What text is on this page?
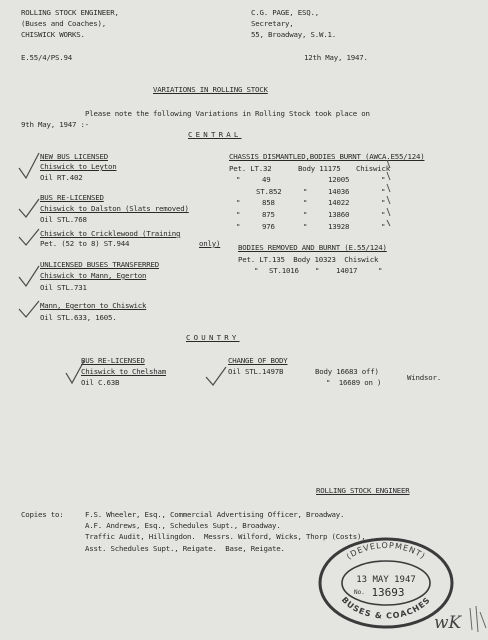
ROLLING STOCK ENGINEER,
(Buses and Coaches),
CHISWICK WORKS.
C.G. PAGE, ESQ.,
Secretary,
55, Broadway, S.W.1.
E.55/4/PS.94	12th May, 1947.
VARIATIONS IN ROLLING STOCK
Please note the following Variations in Rolling Stock took place on
9th May, 1947 :-
CENTRAL
NEW BUS LICENSED
Chiswick to Leyton
Oil RT.402
BUS RE-LICENSED
Chiswick to Dalston (Slats removed)
Oil STL.768
Chiswick to Cricklewood (Training
Pet. (52 to 8) ST.944	only)
UNLICENSED BUSES TRANSFERRED
Chiswick to Mann, Egerton
Oil STL.731
Mann, Egerton to Chiswick
Oil STL.633, 1605.
CHASSIS DISMANTLED,BODIES BURNT (AWCA.E55/124)
Pet. LT.32	Body 11175 Chiswick
"	49	12005	"
ST.852	"	14036	"
"	858	"	14022	"
"	875	"	13860	"
"	976	"	13928	"
BODIES REMOVED AND BURNT (E.55/124)
Pet. LT.135  Body 10323  Chiswick
" ST.1016 " 14017	"
COUNTRY
BUS RE-LICENSED
Chiswick to Chelsham
Oil C.63B
CHANGE OF BODY
Oil STL.1497B	Body 16683 off)
"  16689 on )
Windsor.
ROLLING STOCK ENGINEER
Copies to:	F.S. Wheeler, Esq., Commercial Advertising Officer, Broadway.
A.F. Andrews, Esq., Schedules Supt., Broadway.
Traffic Audit, Hillingdon.  Messrs. Wilford, Wicks, Thorp (Costs),
Asst. Schedules Supt., Reigate.  Base, Reigate.
(DEVELOPMENT)
BUSES & COACHES
13 MAY 1947
No. 13693
wK
